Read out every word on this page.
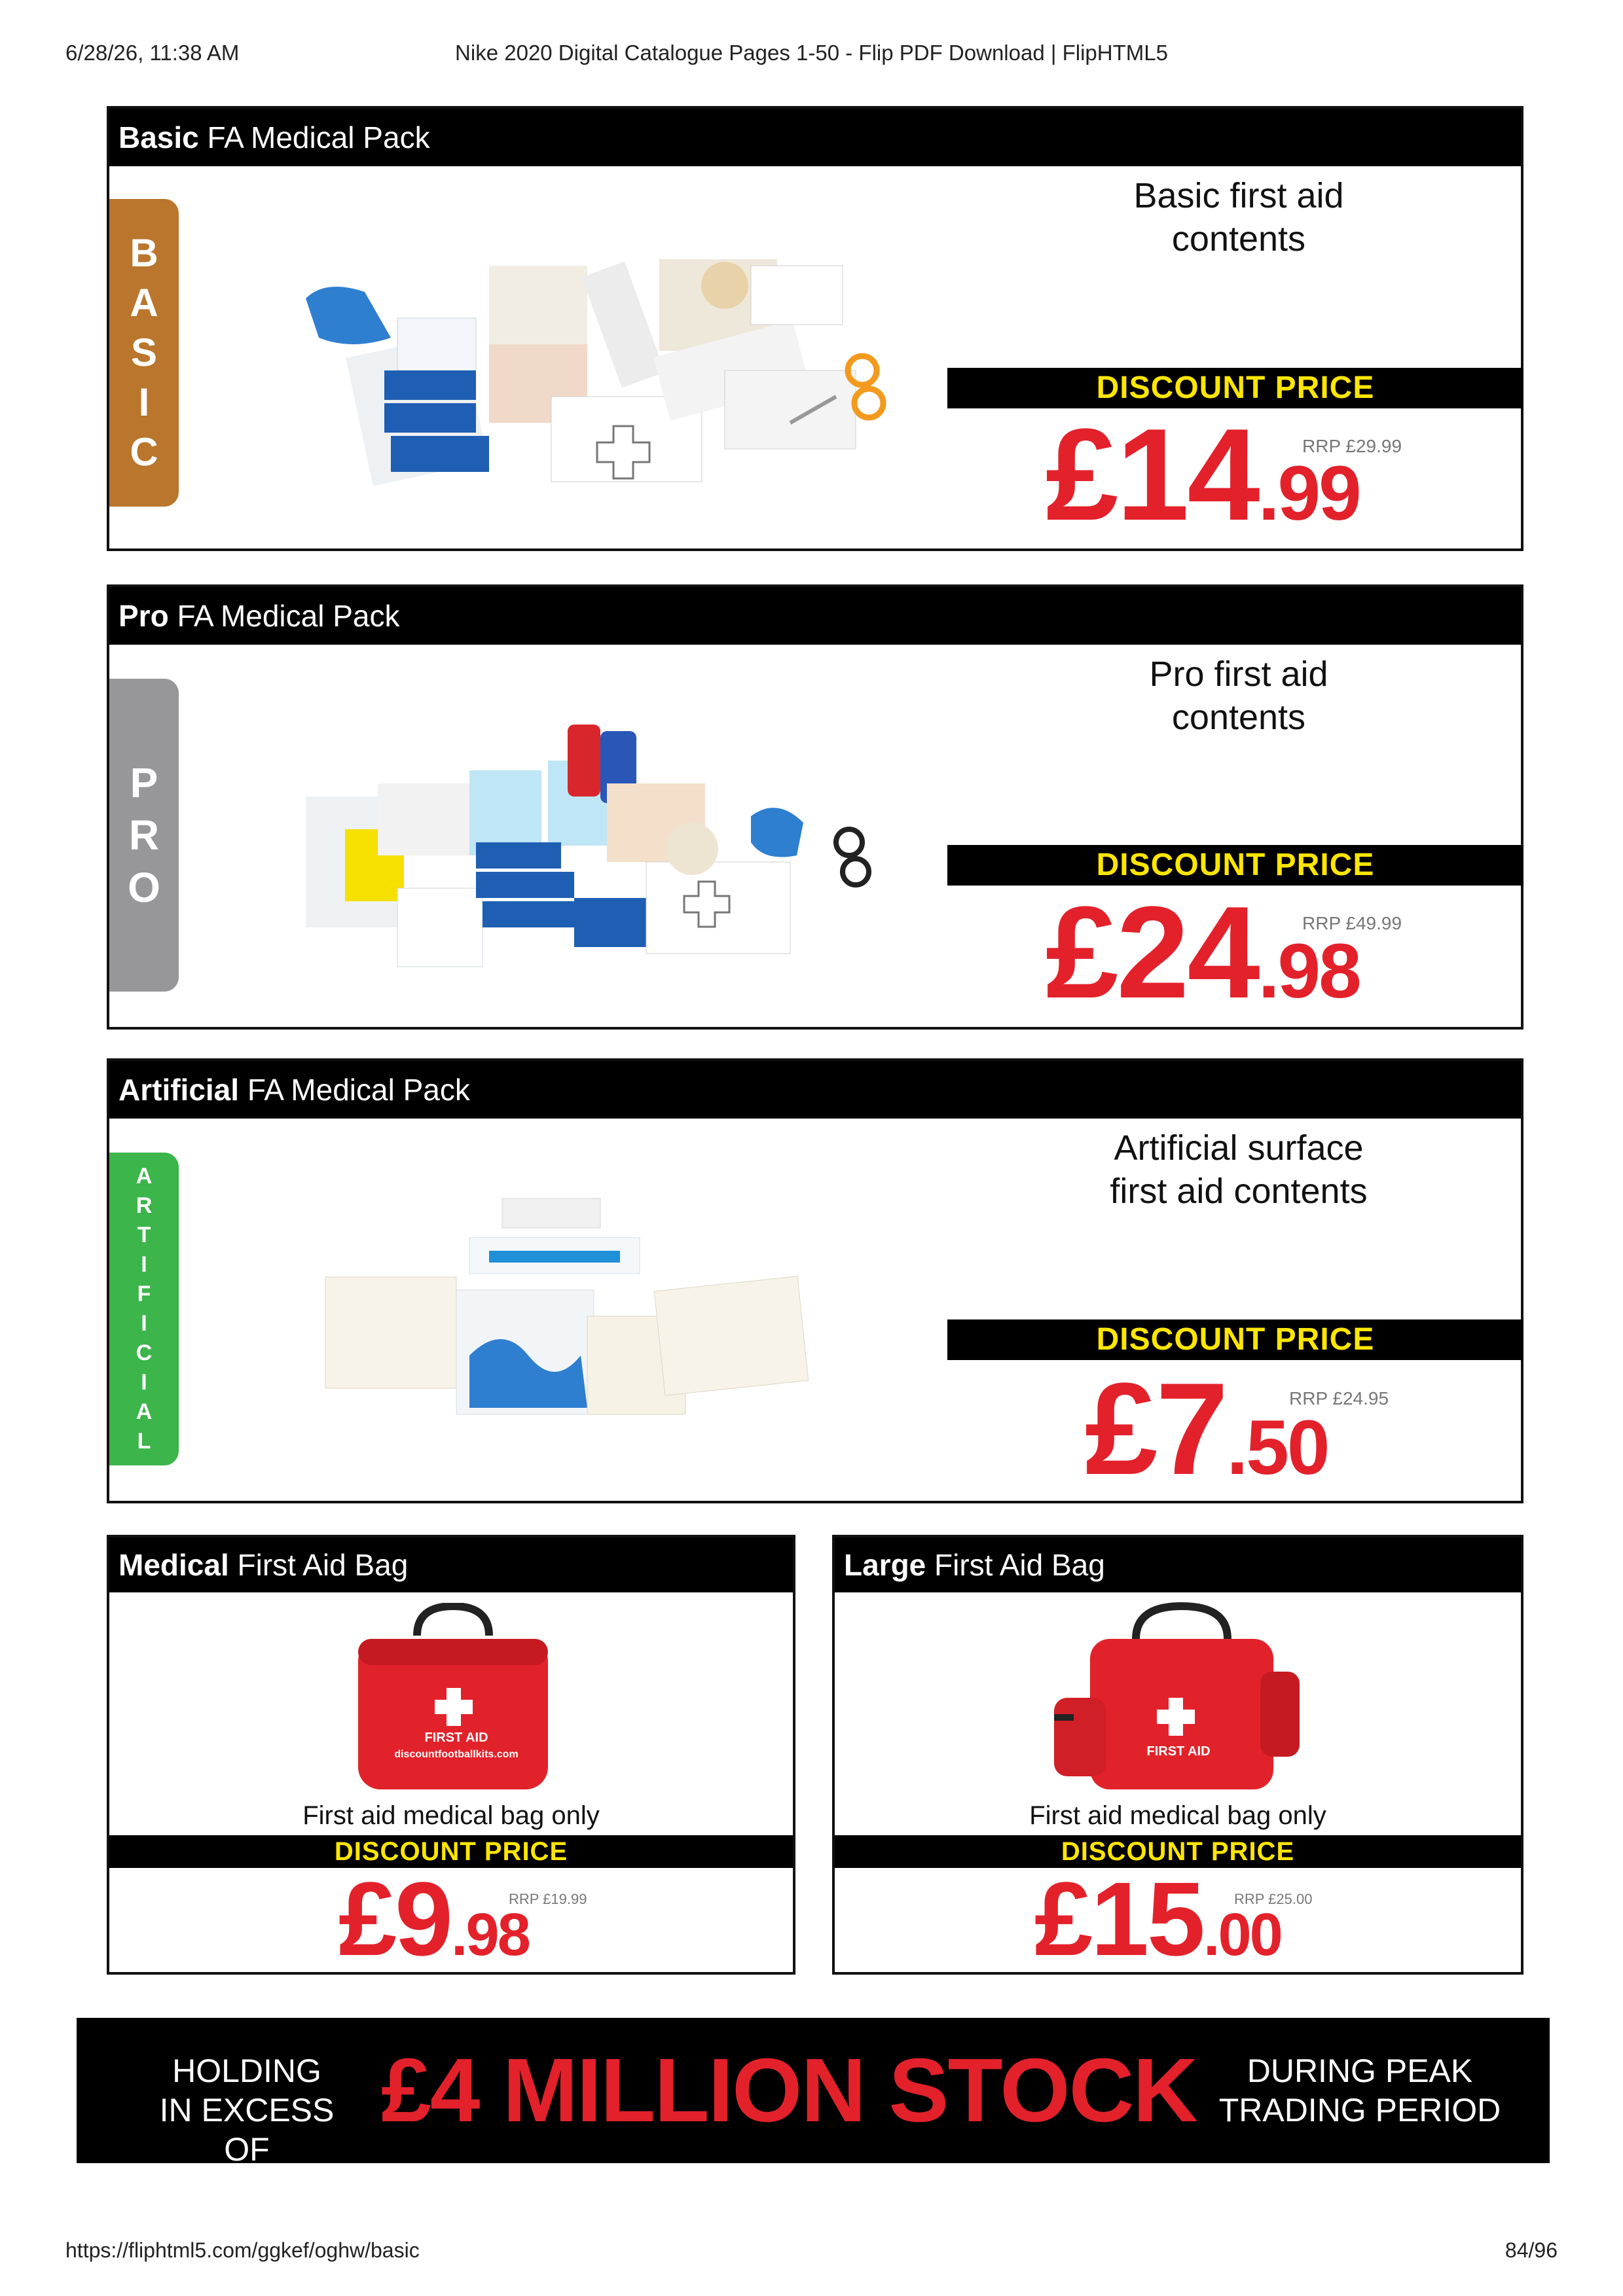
6/28/26, 11:38 AM	Nike 2020 Digital Catalogue Pages 1-50 - Flip PDF Download | FlipHTML5
Basic FA Medical Pack
B
A
S
I
C
Basic first aid
contents
DISCOUNT PRICE
£14.99
RRP £29.99
Pro FA Medical Pack
P
R
O
Pro first aid
contents
DISCOUNT PRICE
£24.98
RRP £49.99
Artificial FA Medical Pack
A
R
T
I
F
I
C
I
A
L
Artificial surface
first aid contents
DISCOUNT PRICE
£7.50
RRP £24.95
Medical First Aid Bag
FIRST AID
discountfootballkits.com
First aid medical bag only
DISCOUNT PRICE
£9.98
RRP £19.99
Large First Aid Bag
FIRST AID
First aid medical bag only
DISCOUNT PRICE
£15.00
RRP £25.00
HOLDING
IN EXCESS OF
£4 MILLION STOCK	DURING PEAK
TRADING PERIOD
https://fliphtml5.com/ggkef/oghw/basic	84/96
